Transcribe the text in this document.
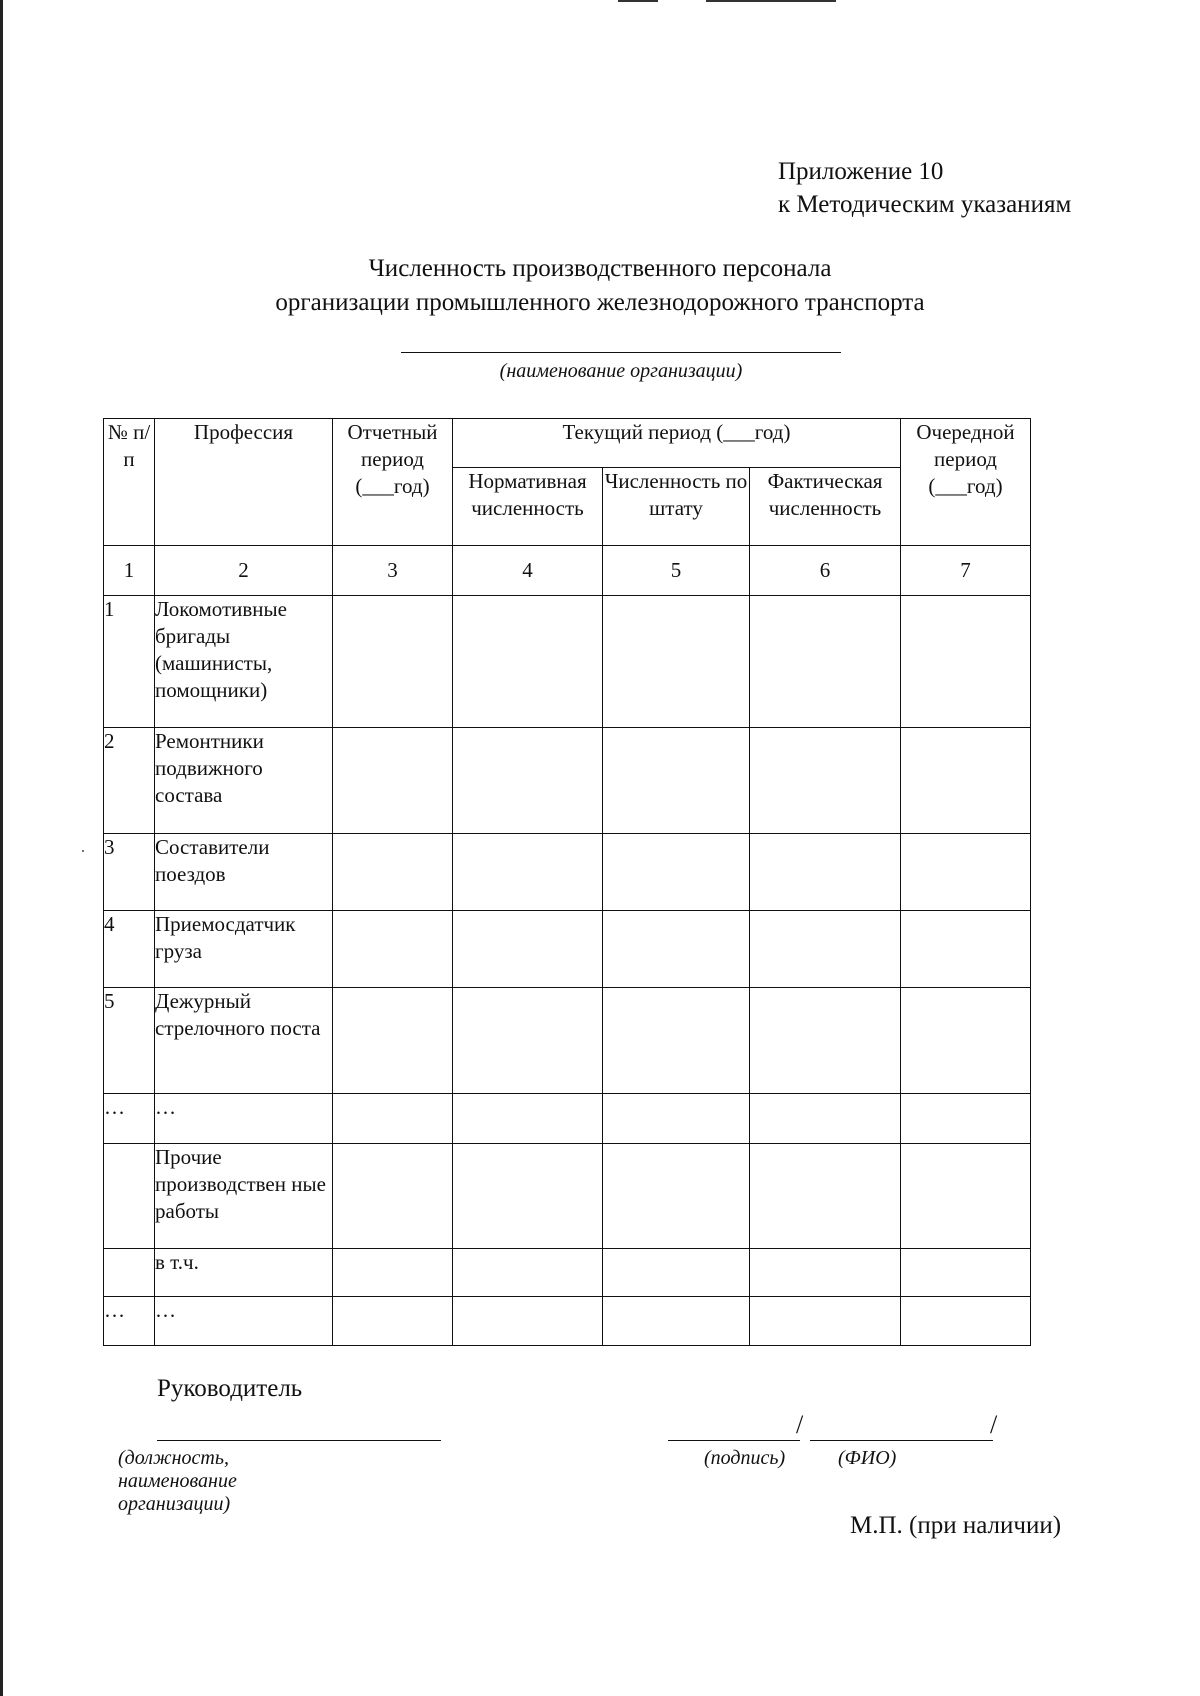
Приложение 10
к Методическим указаниям
Численность производственного персонала
организации промышленного железнодорожного транспорта
(наименование организации)
№ п/п	Профессия	Отчетный период (___год)	Текущий период (___год)			Очередной период (___год)
			Нормативная численность	Численность по штату	Фактическая численность	
1	2	3	4	5	6	7
1	Локомотивные бригады (машинисты, помощники)					
2	Ремонтники подвижного состава					
3	Составители поездов					
4	Приемосдатчик груза					
5	Дежурный стрелочного поста					
…	…					
	Прочие производствен ные работы					
	в т.ч.					
…	…					
Руководитель
(должность, наименование организации)
/	/
(подпись)	(ФИО)
М.П. (при наличии)
